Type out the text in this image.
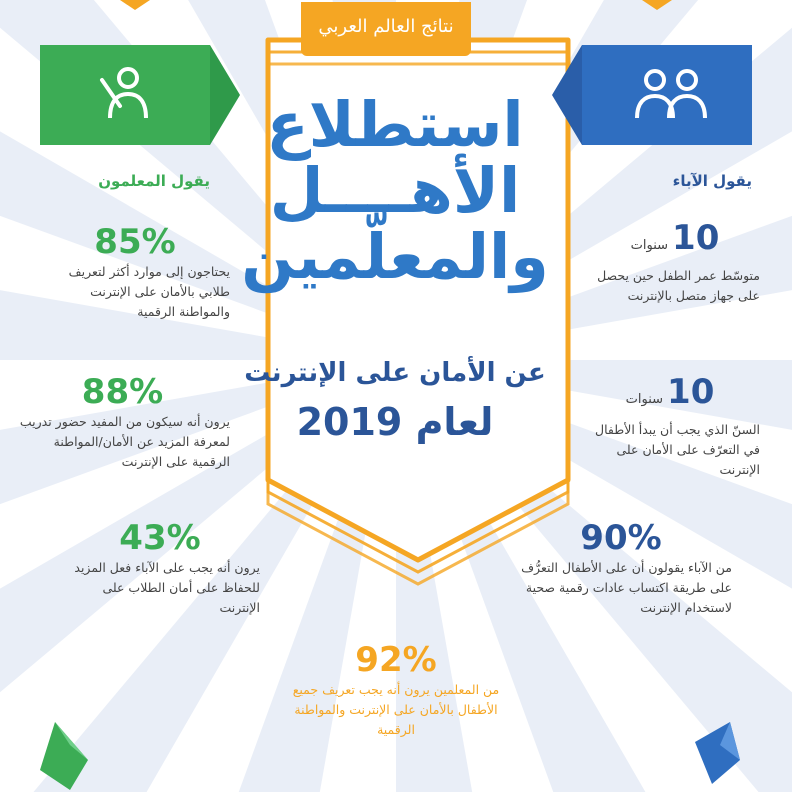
نتائج العالم العربي
استطلاع
الأهــــل
والمعلّمين
عن الأمان على الإنترنت
لعام 2019
يقول المعلمون	يقول الآباء
85%
يحتاجون إلى موارد أكثر لتعريف طلابي بالأمان على الإنترنت والمواطنة الرقمية
88%
يرون أنه سيكون من المفيد حضور تدريب لمعرفة المزيد عن الأمان/المواطنة الرقمية على الإنترنت
43%
يرون أنه يجب على الآباء فعل المزيد للحفاظ على أمان الطلاب على الإنترنت
10سنوات
متوسّط عمر الطفل حين يحصل على جهاز متصل بالإنترنت
10سنوات
السنّ الذي يجب أن يبدأ الأطفال في التعرّف على الأمان على الإنترنت
90%
من الآباء يقولون أن على الأطفال التعرُّف على طريقة اكتساب عادات رقمية صحية لاستخدام الإنترنت
92%
من المعلمين يرون أنه يجب تعريف جميع الأطفال بالأمان على الإنترنت والمواطنة الرقمية
